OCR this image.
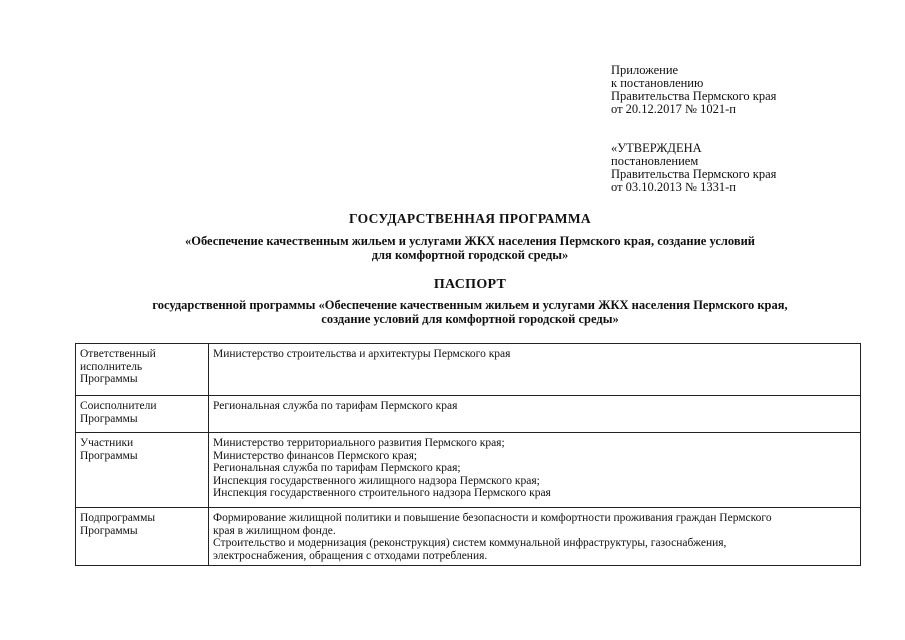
Приложение
к постановлению
Правительства Пермского края
от 20.12.2017 № 1021-п
«УТВЕРЖДЕНА
постановлением
Правительства Пермского края
от 03.10.2013 № 1331-п
ГОСУДАРСТВЕННАЯ ПРОГРАММА
«Обеспечение качественным жильем и услугами ЖКХ населения Пермского края, создание условий
для комфортной городской среды»
ПАСПОРТ
государственной программы «Обеспечение качественным жильем и услугами ЖКХ населения Пермского края,
создание условий для комфортной городской среды»
Ответственный
исполнитель
Программы	Министерство строительства и архитектуры Пермского края

Соисполнители
Программы	Региональная служба по тарифам Пермского края

Участники
Программы	Министерство территориального развития Пермского края;
Министерство финансов Пермского края;
Региональная служба по тарифам Пермского края;
Инспекция государственного жилищного надзора Пермского края;
Инспекция государственного строительного надзора Пермского края

Подпрограммы
Программы	Формирование жилищной политики и повышение безопасности и комфортности проживания граждан Пермского
края в жилищном фонде.
Строительство и модернизация (реконструкция) систем коммунальной инфраструктуры, газоснабжения,
электроснабжения, обращения с отходами потребления.
